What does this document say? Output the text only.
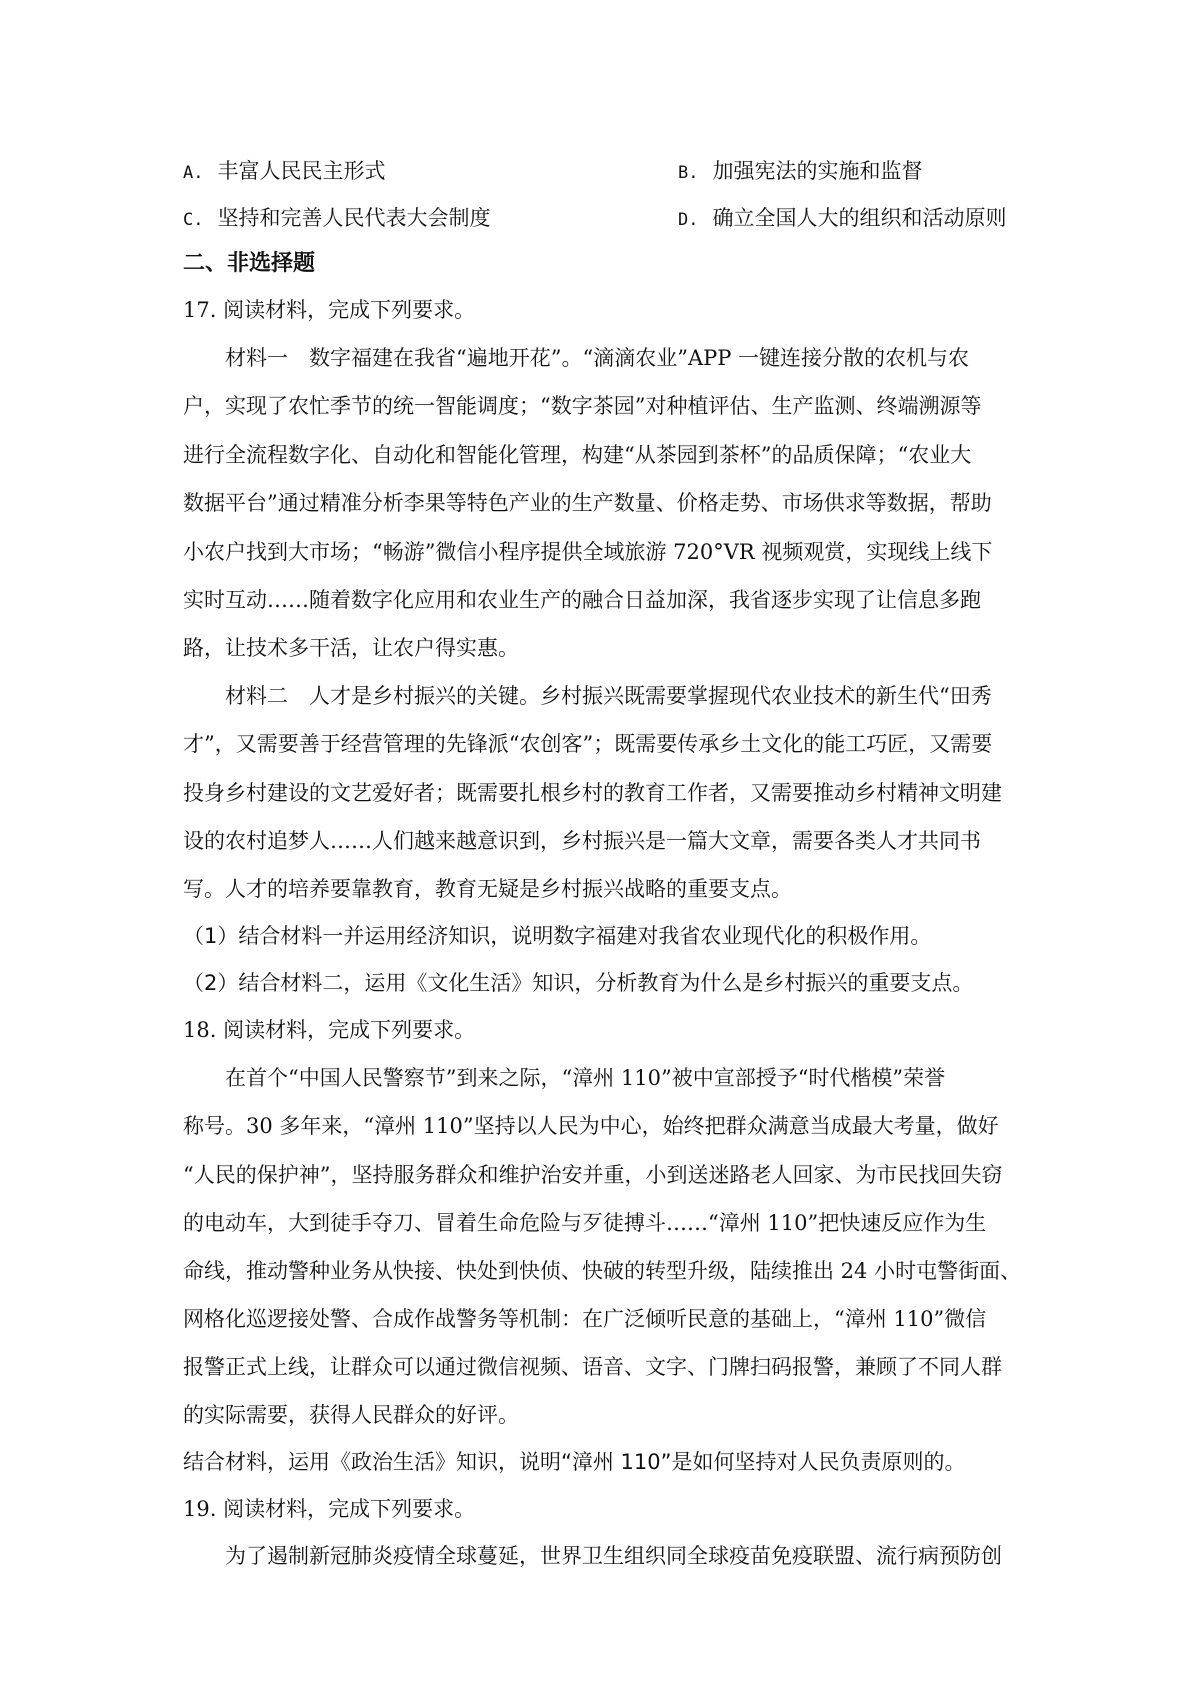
A. 丰富人民民主形式	B. 加强宪法的实施和监督
C. 坚持和完善人民代表大会制度	D. 确立全国人大的组织和活动原则
二、非选择题
17. 阅读材料，完成下列要求。
材料一　数字福建在我省“遍地开花”。“滴滴农业”APP 一键连接分散的农机与农
户，实现了农忙季节的统一智能调度；“数字茶园”对种植评估、生产监测、终端溯源等
进行全流程数字化、自动化和智能化管理，构建“从茶园到茶杯”的品质保障；“农业大
数据平台”通过精准分析李果等特色产业的生产数量、价格走势、市场供求等数据，帮助
小农户找到大市场；“畅游”微信小程序提供全域旅游 720°VR 视频观赏，实现线上线下
实时互动……随着数字化应用和农业生产的融合日益加深，我省逐步实现了让信息多跑
路，让技术多干活，让农户得实惠。
材料二　人才是乡村振兴的关键。乡村振兴既需要掌握现代农业技术的新生代“田秀
才”，又需要善于经营管理的先锋派“农创客”；既需要传承乡土文化的能工巧匠，又需要
投身乡村建设的文艺爱好者；既需要扎根乡村的教育工作者，又需要推动乡村精神文明建
设的农村追梦人……人们越来越意识到，乡村振兴是一篇大文章，需要各类人才共同书
写。人才的培养要靠教育，教育无疑是乡村振兴战略的重要支点。
（1）结合材料一并运用经济知识，说明数字福建对我省农业现代化的积极作用。
（2）结合材料二，运用《文化生活》知识，分析教育为什么是乡村振兴的重要支点。
18. 阅读材料，完成下列要求。
在首个“中国人民警察节”到来之际，“漳州 110”被中宣部授予“时代楷模”荣誉
称号。30 多年来，“漳州 110”坚持以人民为中心，始终把群众满意当成最大考量，做好
“人民的保护神”，坚持服务群众和维护治安并重，小到送迷路老人回家、为市民找回失窃
的电动车，大到徒手夺刀、冒着生命危险与歹徒搏斗……“漳州 110”把快速反应作为生
命线，推动警种业务从快接、快处到快侦、快破的转型升级，陆续推出 24 小时屯警街面、
网格化巡逻接处警、合成作战警务等机制：在广泛倾听民意的基础上，“漳州 110”微信
报警正式上线，让群众可以通过微信视频、语音、文字、门牌扫码报警，兼顾了不同人群
的实际需要，获得人民群众的好评。
结合材料，运用《政治生活》知识，说明“漳州 110”是如何坚持对人民负责原则的。
19. 阅读材料，完成下列要求。
为了遏制新冠肺炎疫情全球蔓延，世界卫生组织同全球疫苗免疫联盟、流行病预防创
